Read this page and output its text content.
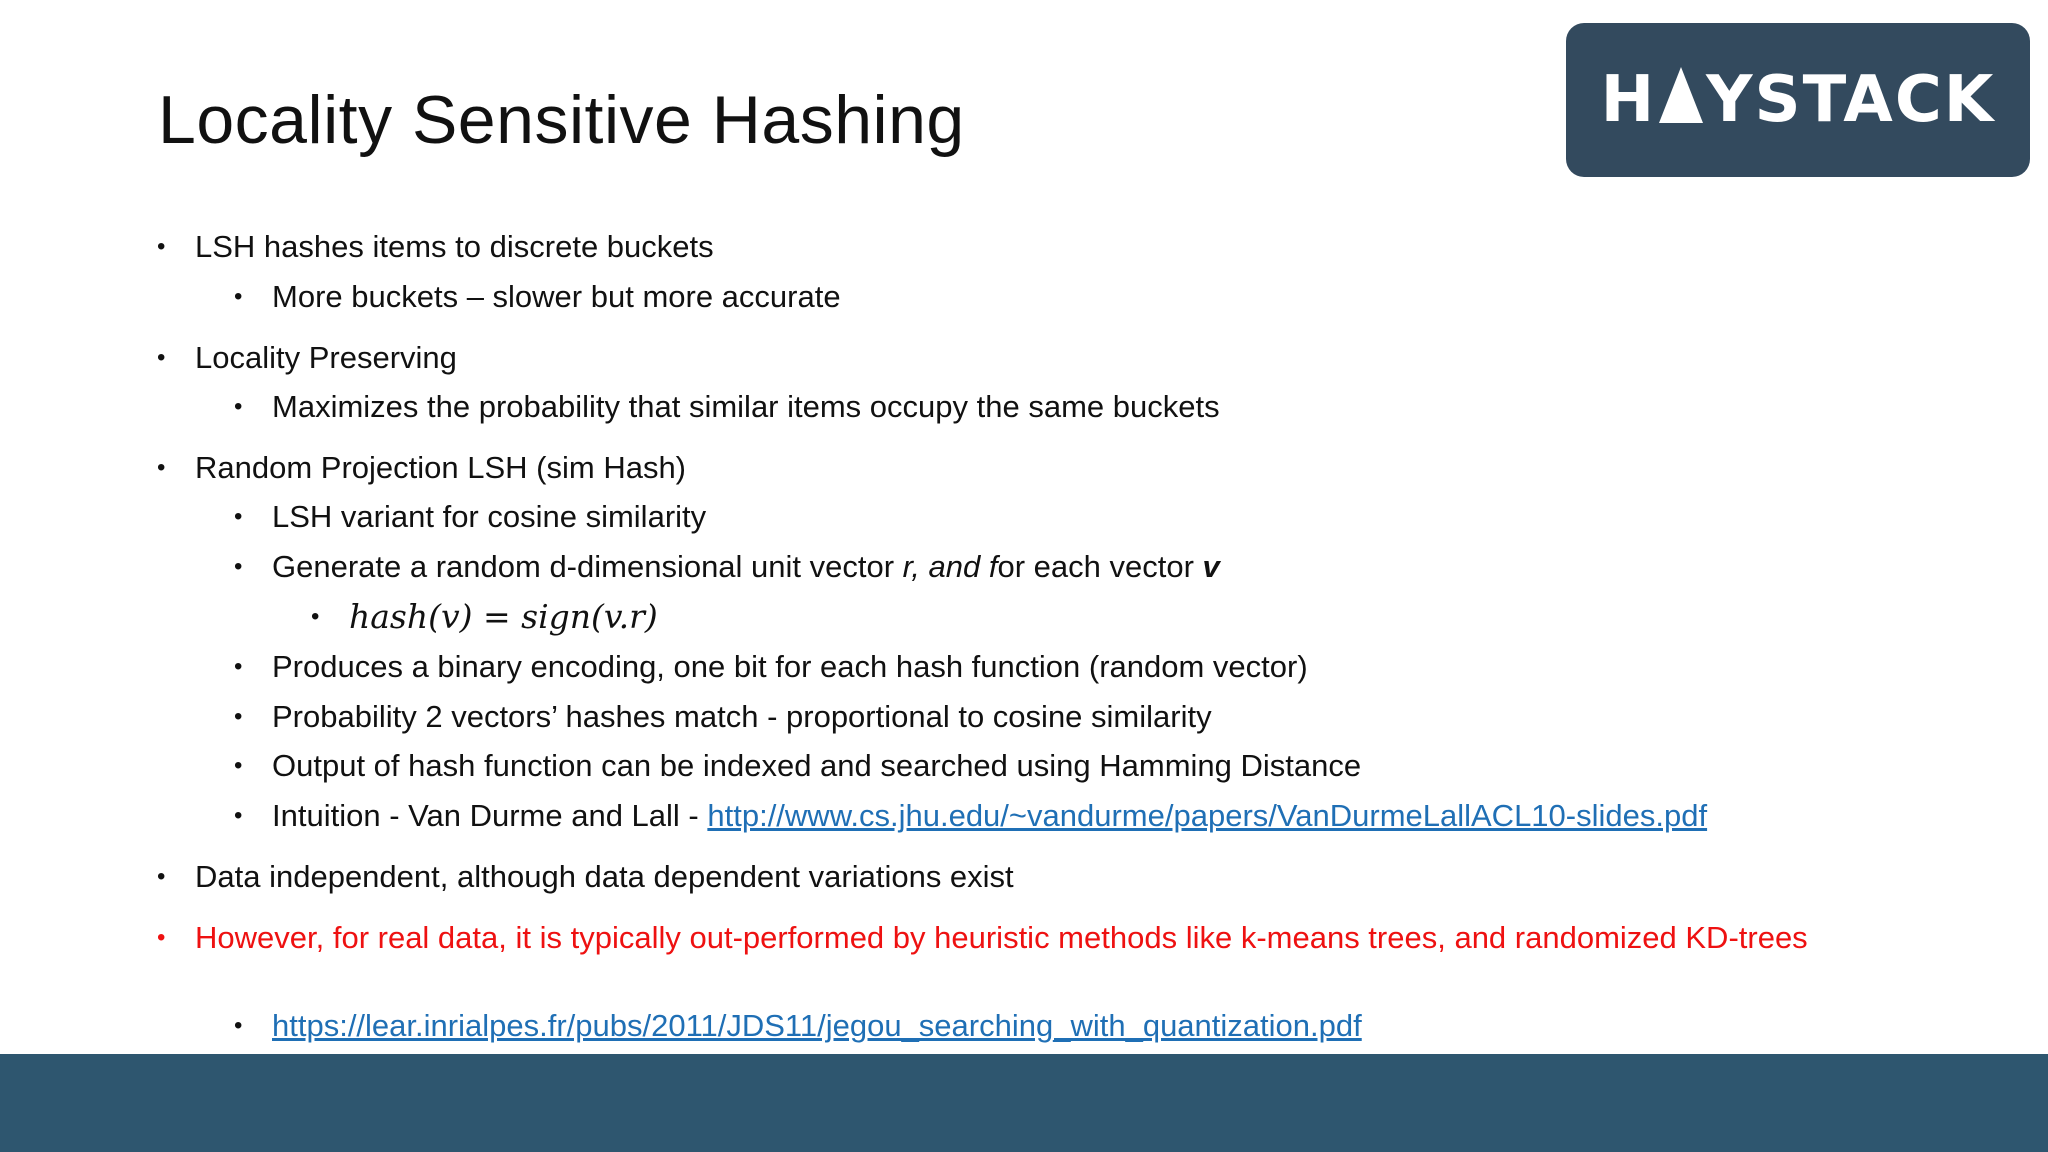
Locality Sensitive Hashing	H YSTACK
• LSH hashes items to discrete buckets
• More buckets – slower but more accurate
• Locality Preserving
• Maximizes the probability that similar items occupy the same buckets
• Random Projection LSH (sim Hash)
• LSH variant for cosine similarity
• Generate a random d-dimensional unit vector r, and for each vector v
• hash(v) = sign(v.r)
• Produces a binary encoding, one bit for each hash function (random vector)
• Probability 2 vectors’ hashes match - proportional to cosine similarity
• Output of hash function can be indexed and searched using Hamming Distance
• Intuition - Van Durme and Lall - http://www.cs.jhu.edu/~vandurme/papers/VanDurmeLallACL10-slides.pdf
• Data independent, although data dependent variations exist
• However, for real data, it is typically out-performed by heuristic methods like k-means trees, and randomized KD-trees
• https://lear.inrialpes.fr/pubs/2011/JDS11/jegou_searching_with_quantization.pdf
